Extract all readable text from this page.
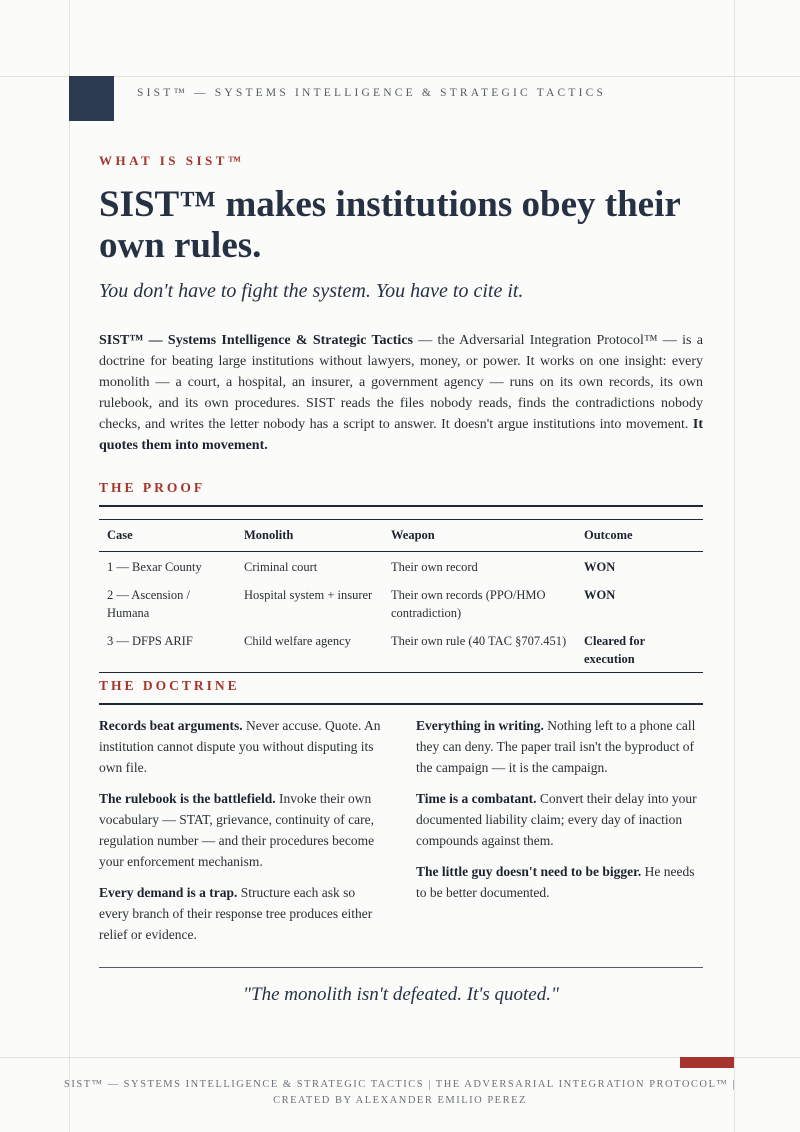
SIST™ — SYSTEMS INTELLIGENCE & STRATEGIC TACTICS
WHAT IS SIST™
SIST™ makes institutions obey their own rules.

You don't have to fight the system. You have to cite it.

SIST™ — Systems Intelligence & Strategic Tactics — the Adversarial Integration Protocol™ — is a doctrine for beating large institutions without lawyers, money, or power. It works on one insight: every monolith — a court, a hospital, an insurer, a government agency — runs on its own records, its own rulebook, and its own procedures. SIST reads the files nobody reads, finds the contradictions nobody checks, and writes the letter nobody has a script to answer. It doesn't argue institutions into movement. It quotes them into movement.

THE PROOF
Case	Monolith	Weapon	Outcome
1 — Bexar County	Criminal court	Their own record	WON
2 — Ascension / Humana	Hospital system + insurer	Their own records (PPO/HMO contradiction)	WON
3 — DFPS ARIF	Child welfare agency	Their own rule (40 TAC §707.451)	Cleared for execution
THE DOCTRINE

Records beat arguments. Never accuse. Quote. An institution cannot dispute you without disputing its own file.

The rulebook is the battlefield. Invoke their own vocabulary — STAT, grievance, continuity of care, regulation number — and their procedures become your enforcement mechanism.

Every demand is a trap. Structure each ask so every branch of their response tree produces either relief or evidence.

Everything in writing. Nothing left to a phone call they can deny. The paper trail isn't the byproduct of the campaign — it is the campaign.

Time is a combatant. Convert their delay into your documented liability claim; every day of inaction compounds against them.

The little guy doesn't need to be bigger. He needs to be better documented.

"The monolith isn't defeated. It's quoted."
SIST™ — SYSTEMS INTELLIGENCE & STRATEGIC TACTICS | THE ADVERSARIAL INTEGRATION PROTOCOL™ |
CREATED BY ALEXANDER EMILIO PEREZ
